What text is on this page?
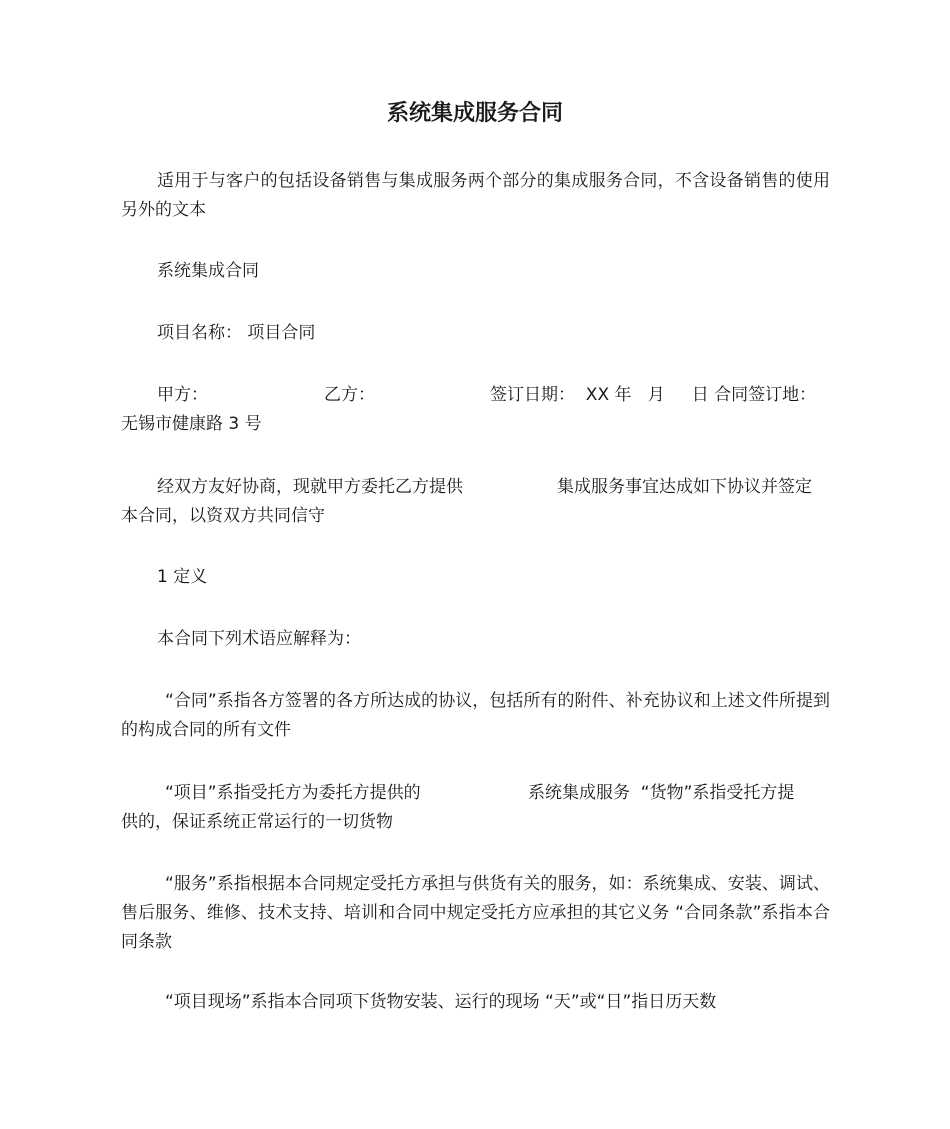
系统集成服务合同
适用于与客户的包括设备销售与集成服务两个部分的集成服务合同，不含设备销售的使用另外的文本
系统集成合同
项目名称： 项目合同
甲方：	乙方：	签订日期：  XX 年   月     日 合同签订地：
无锡市健康路 3 号
经双方友好协商，现就甲方委托乙方提供	集成服务事宜达成如下协议并签定
本合同，以资双方共同信守
1 定义
本合同下列术语应解释为：
“合同”系指各方签署的各方所达成的协议，包括所有的附件、补充协议和上述文件所提到的构成合同的所有文件
“项目”系指受托方为委托方提供的	系统集成服务  “货物”系指受托方提
供的，保证系统正常运行的一切货物
“服务”系指根据本合同规定受托方承担与供货有关的服务，如：系统集成、安装、调试、售后服务、维修、技术支持、培训和合同中规定受托方应承担的其它义务 “合同条款”系指本合同条款
“项目现场”系指本合同项下货物安装、运行的现场 “天”或“日”指日历天数
